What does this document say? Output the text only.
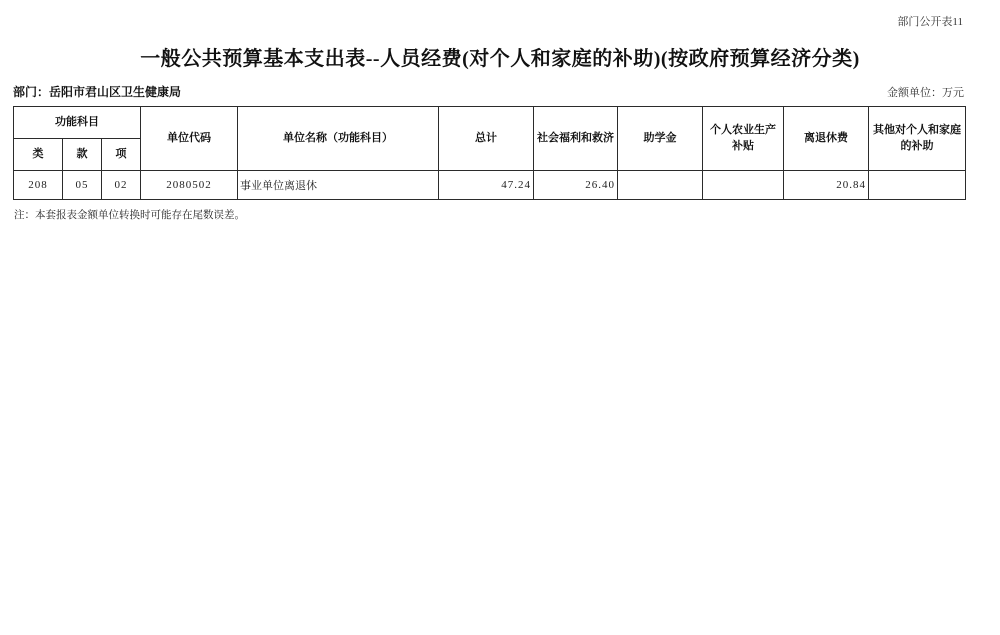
部门公开表11
一般公共预算基本支出表--人员经费(对个人和家庭的补助)(按政府预算经济分类)
部门：岳阳市君山区卫生健康局	金额单位：万元
功能科目			单位代码	单位名称（功能科目）	总计	社会福利和救济	助学金	个人农业生产补贴	离退休费	其他对个人和家庭的补助
类	款	项								
208	05	02	2080502	事业单位离退休	47.24	26.40			20.84	
注：本套报表金额单位转换时可能存在尾数误差。
